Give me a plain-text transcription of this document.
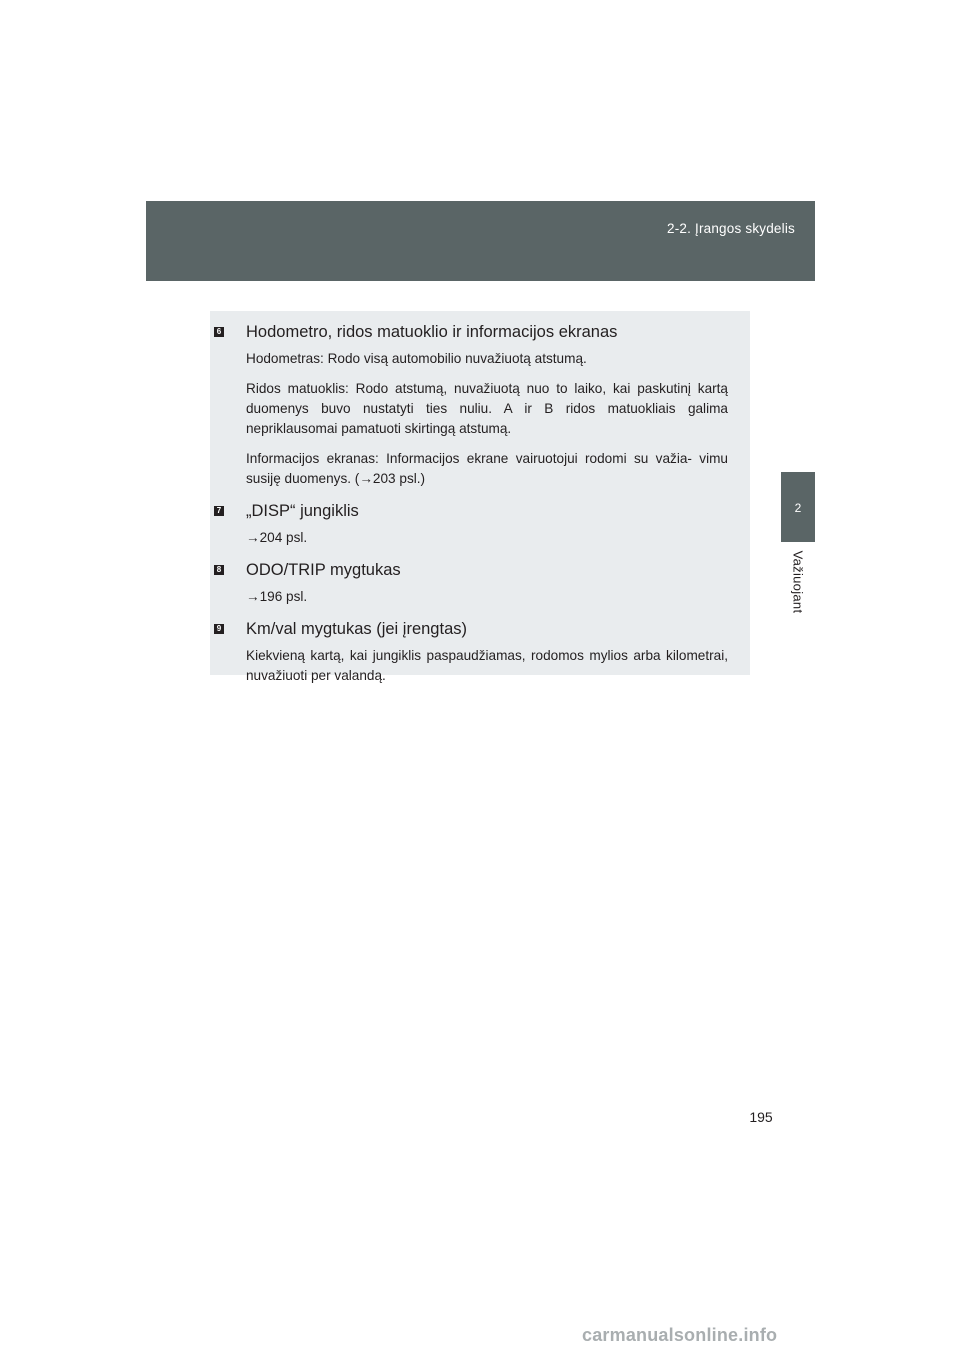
2-2. Įrangos skydelis
2
Važiuojant
6 Hodometro, ridos matuoklio ir informacijos ekranas

Hodometras: Rodo visą automobilio nuvažiuotą atstumą.

Ridos matuoklis: Rodo atstumą, nuvažiuotą nuo to laiko, kai paskutinį kartą duomenys buvo nustatyti ties nuliu. A ir B ridos matuokliais galima nepriklausomai pamatuoti skirtingą atstumą.

Informacijos ekranas: Informacijos ekrane vairuotojui rodomi su važia- vimu susiję duomenys. (→203 psl.)

7 „DISP“ jungiklis

→204 psl.

8 ODO/TRIP mygtukas

→196 psl.

9 Km/val mygtukas (jei įrengtas)

Kiekvieną kartą, kai jungiklis paspaudžiamas, rodomos mylios arba kilometrai, nuvažiuoti per valandą.

195
carmanualsonline.info
